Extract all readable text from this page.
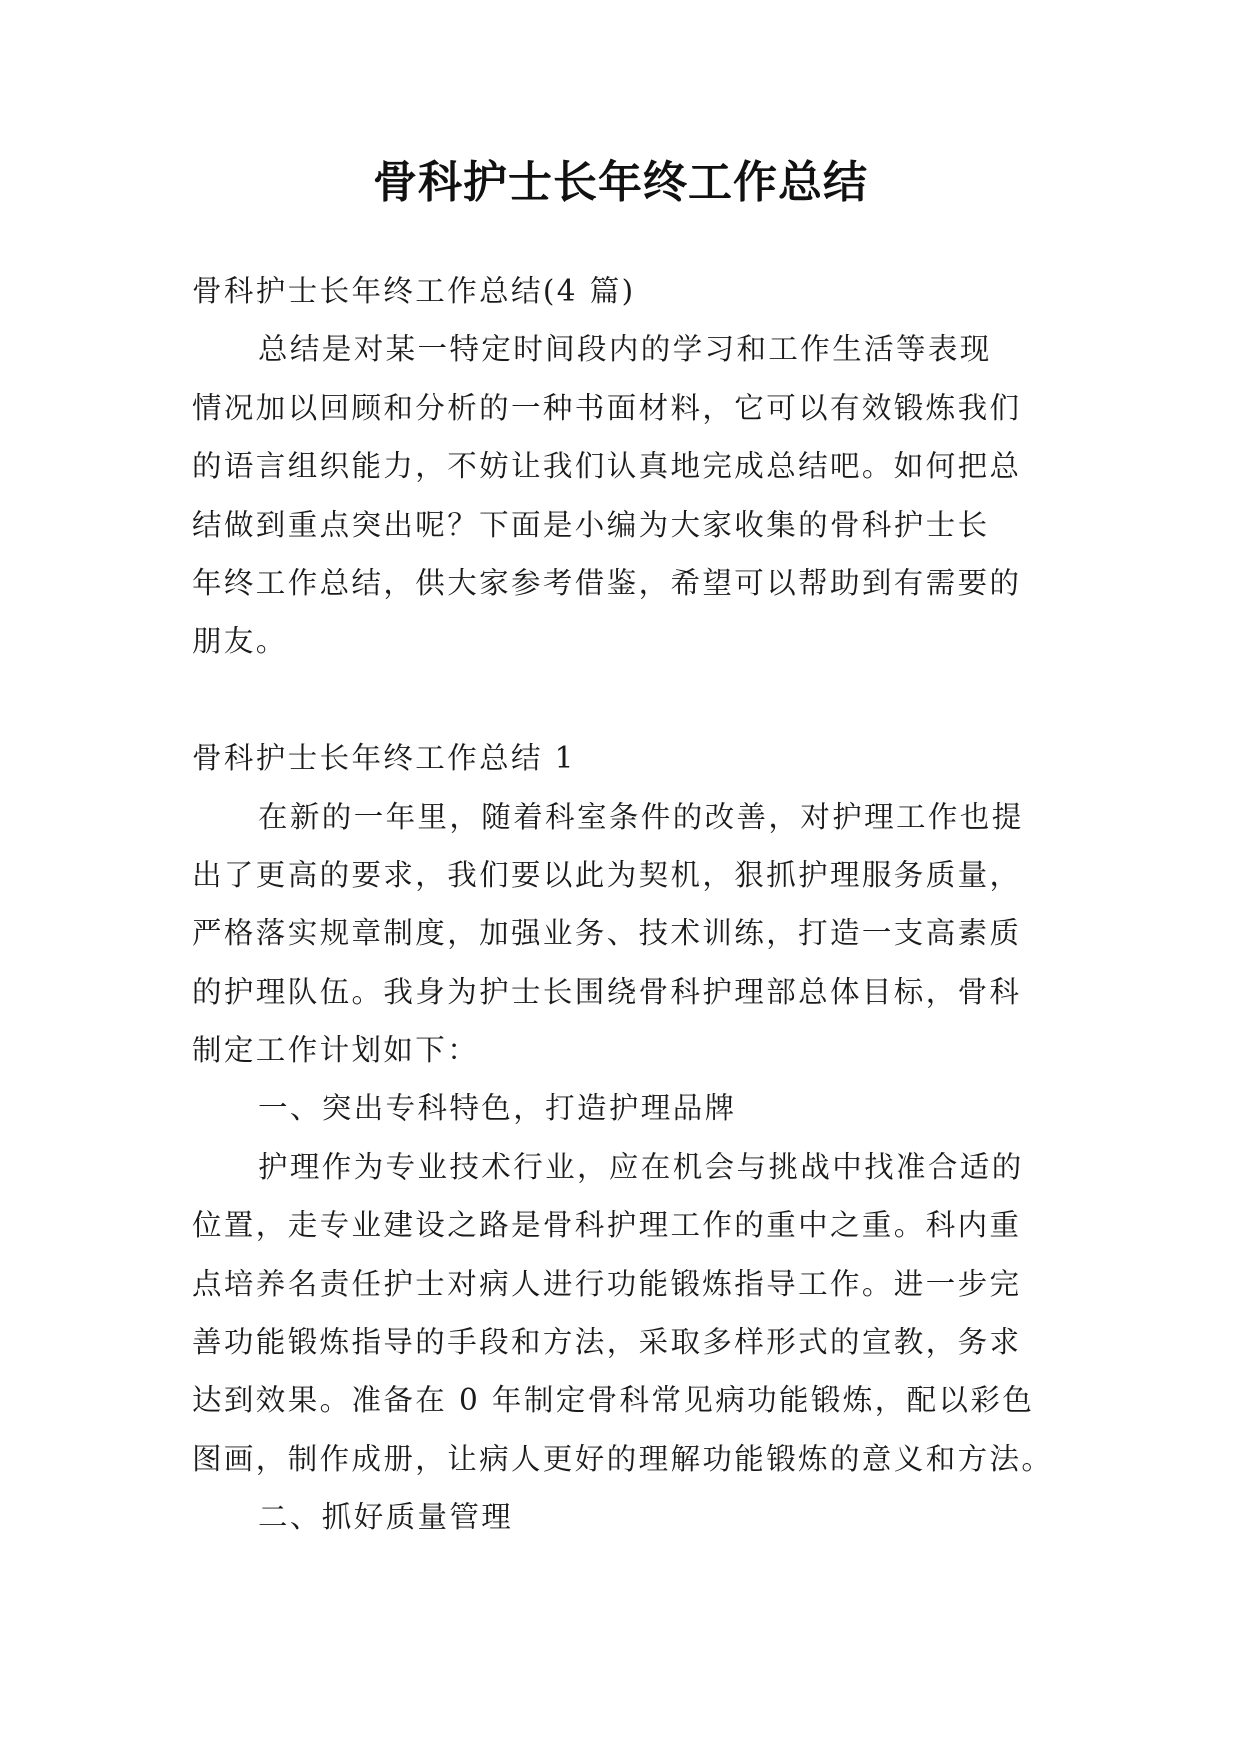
骨科护士长年终工作总结
骨科护士长年终工作总结(4 篇)
总结是对某一特定时间段内的学习和工作生活等表现
情况加以回顾和分析的一种书面材料，它可以有效锻炼我们
的语言组织能力，不妨让我们认真地完成总结吧。如何把总
结做到重点突出呢？下面是小编为大家收集的骨科护士长
年终工作总结，供大家参考借鉴，希望可以帮助到有需要的
朋友。
骨科护士长年终工作总结 1
在新的一年里，随着科室条件的改善，对护理工作也提
出了更高的要求，我们要以此为契机，狠抓护理服务质量，
严格落实规章制度，加强业务、技术训练，打造一支高素质
的护理队伍。我身为护士长围绕骨科护理部总体目标，骨科
制定工作计划如下：
一、突出专科特色，打造护理品牌
护理作为专业技术行业，应在机会与挑战中找准合适的
位置，走专业建设之路是骨科护理工作的重中之重。科内重
点培养名责任护士对病人进行功能锻炼指导工作。进一步完
善功能锻炼指导的手段和方法，采取多样形式的宣教，务求
达到效果。准备在 0 年制定骨科常见病功能锻炼，配以彩色
图画，制作成册，让病人更好的理解功能锻炼的意义和方法。
二、抓好质量管理
